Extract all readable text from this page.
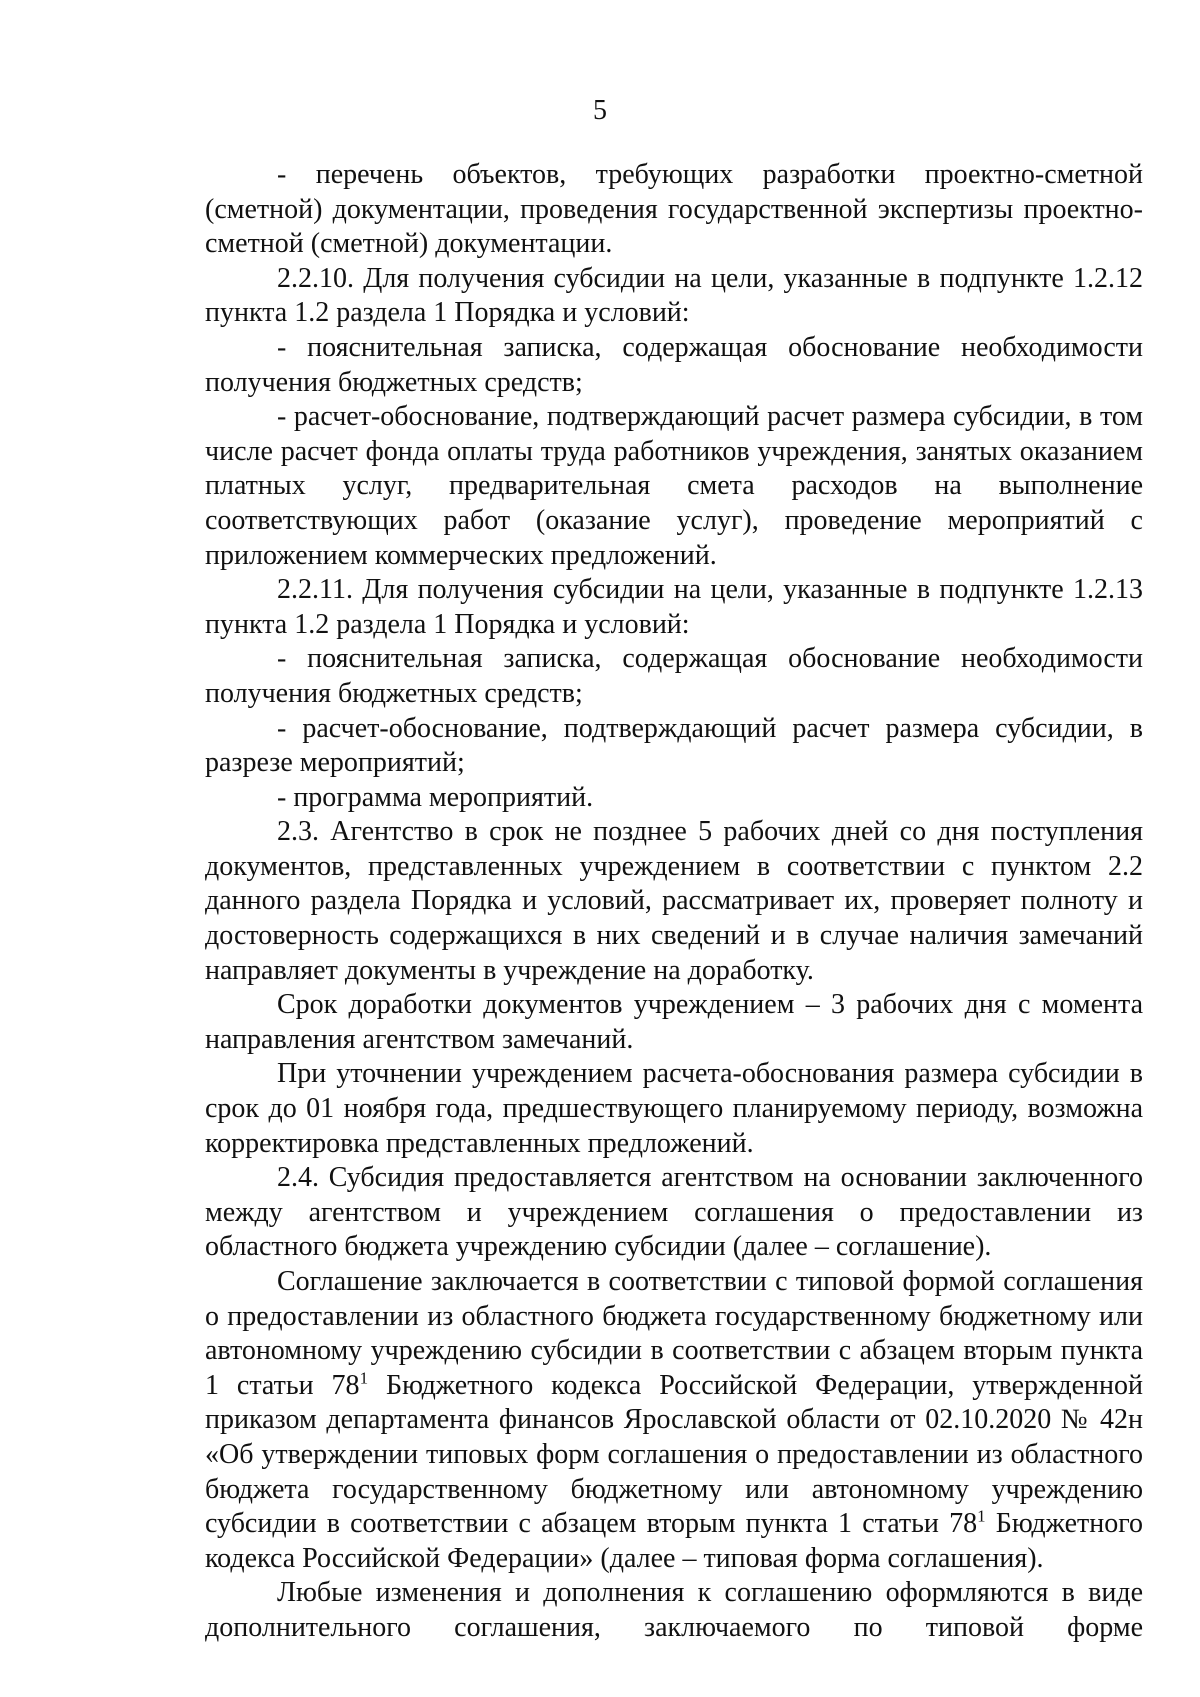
5

- перечень объектов, требующих разработки проектно-сметной (сметной) документации, проведения государственной экспертизы проектно-сметной (сметной) документации.

2.2.10. Для получения субсидии на цели, указанные в подпункте 1.2.12 пункта 1.2 раздела 1 Порядка и условий:

- пояснительная записка, содержащая обоснование необходимости получения бюджетных средств;

- расчет-обоснование, подтверждающий расчет размера субсидии, в том числе расчет фонда оплаты труда работников учреждения, занятых оказанием платных услуг, предварительная смета расходов на выполнение соответствующих работ (оказание услуг), проведение мероприятий с приложением коммерческих предложений.

2.2.11. Для получения субсидии на цели, указанные в подпункте 1.2.13 пункта 1.2 раздела 1 Порядка и условий:

- пояснительная записка, содержащая обоснование необходимости получения бюджетных средств;

- расчет-обоснование, подтверждающий расчет размера субсидии, в разрезе мероприятий;

- программа мероприятий.

2.3. Агентство в срок не позднее 5 рабочих дней со дня поступления документов, представленных учреждением в соответствии с пунктом 2.2 данного раздела Порядка и условий, рассматривает их, проверяет полноту и достоверность содержащихся в них сведений и в случае наличия замечаний направляет документы в учреждение на доработку.

Срок доработки документов учреждением – 3 рабочих дня с момента направления агентством замечаний.

При уточнении учреждением расчета-обоснования размера субсидии в срок до 01 ноября года, предшествующего планируемому периоду, возможна корректировка представленных предложений.

2.4. Субсидия предоставляется агентством на основании заключенного между агентством и учреждением соглашения о предоставлении из областного бюджета учреждению субсидии (далее – соглашение).

Соглашение заключается в соответствии с типовой формой соглашения о предоставлении из областного бюджета государственному бюджетному или автономному учреждению субсидии в соответствии с абзацем вторым пункта 1 статьи $78^1$ Бюджетного кодекса Российской Федерации, утвержденной приказом департамента финансов Ярославской области от 02.10.2020 № 42н «Об утверждении типовых форм соглашения о предоставлении из областного бюджета государственному бюджетному или автономному учреждению субсидии в соответствии с абзацем вторым пункта 1 статьи $78^1$ Бюджетного кодекса Российской Федерации» (далее – типовая форма соглашения).

Любые изменения и дополнения к соглашению оформляются в виде

дополнительного соглашения, заключаемого по типовой форме
